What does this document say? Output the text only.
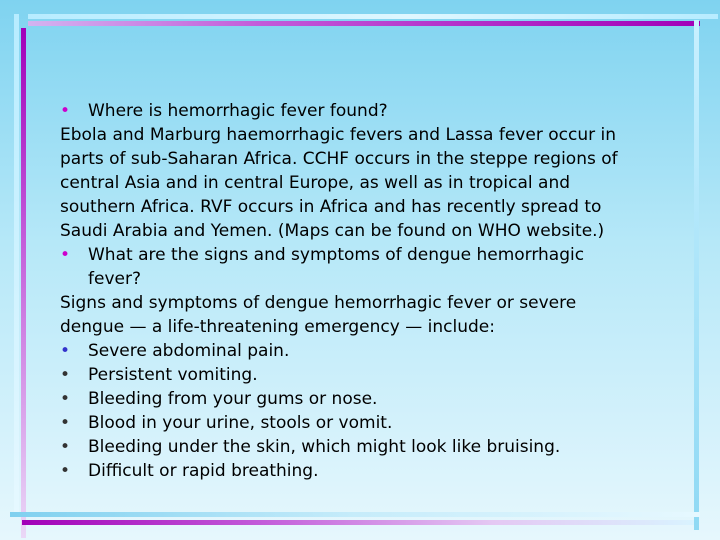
•	Where is hemorrhagic fever found?
Ebola and Marburg haemorrhagic fevers and Lassa fever occur in
parts of sub-Saharan Africa. CCHF occurs in the steppe regions of
central Asia and in central Europe, as well as in tropical and
southern Africa. RVF occurs in Africa and has recently spread to
Saudi Arabia and Yemen. (Maps can be found on WHO website.)
•	What are the signs and symptoms of dengue hemorrhagic
fever?
Signs and symptoms of dengue hemorrhagic fever or severe
dengue — a life-threatening emergency — include:
•	Severe abdominal pain.
•	Persistent vomiting.
•	Bleeding from your gums or nose.
•	Blood in your urine, stools or vomit.
•	Bleeding under the skin, which might look like bruising.
•	Difficult or rapid breathing.
